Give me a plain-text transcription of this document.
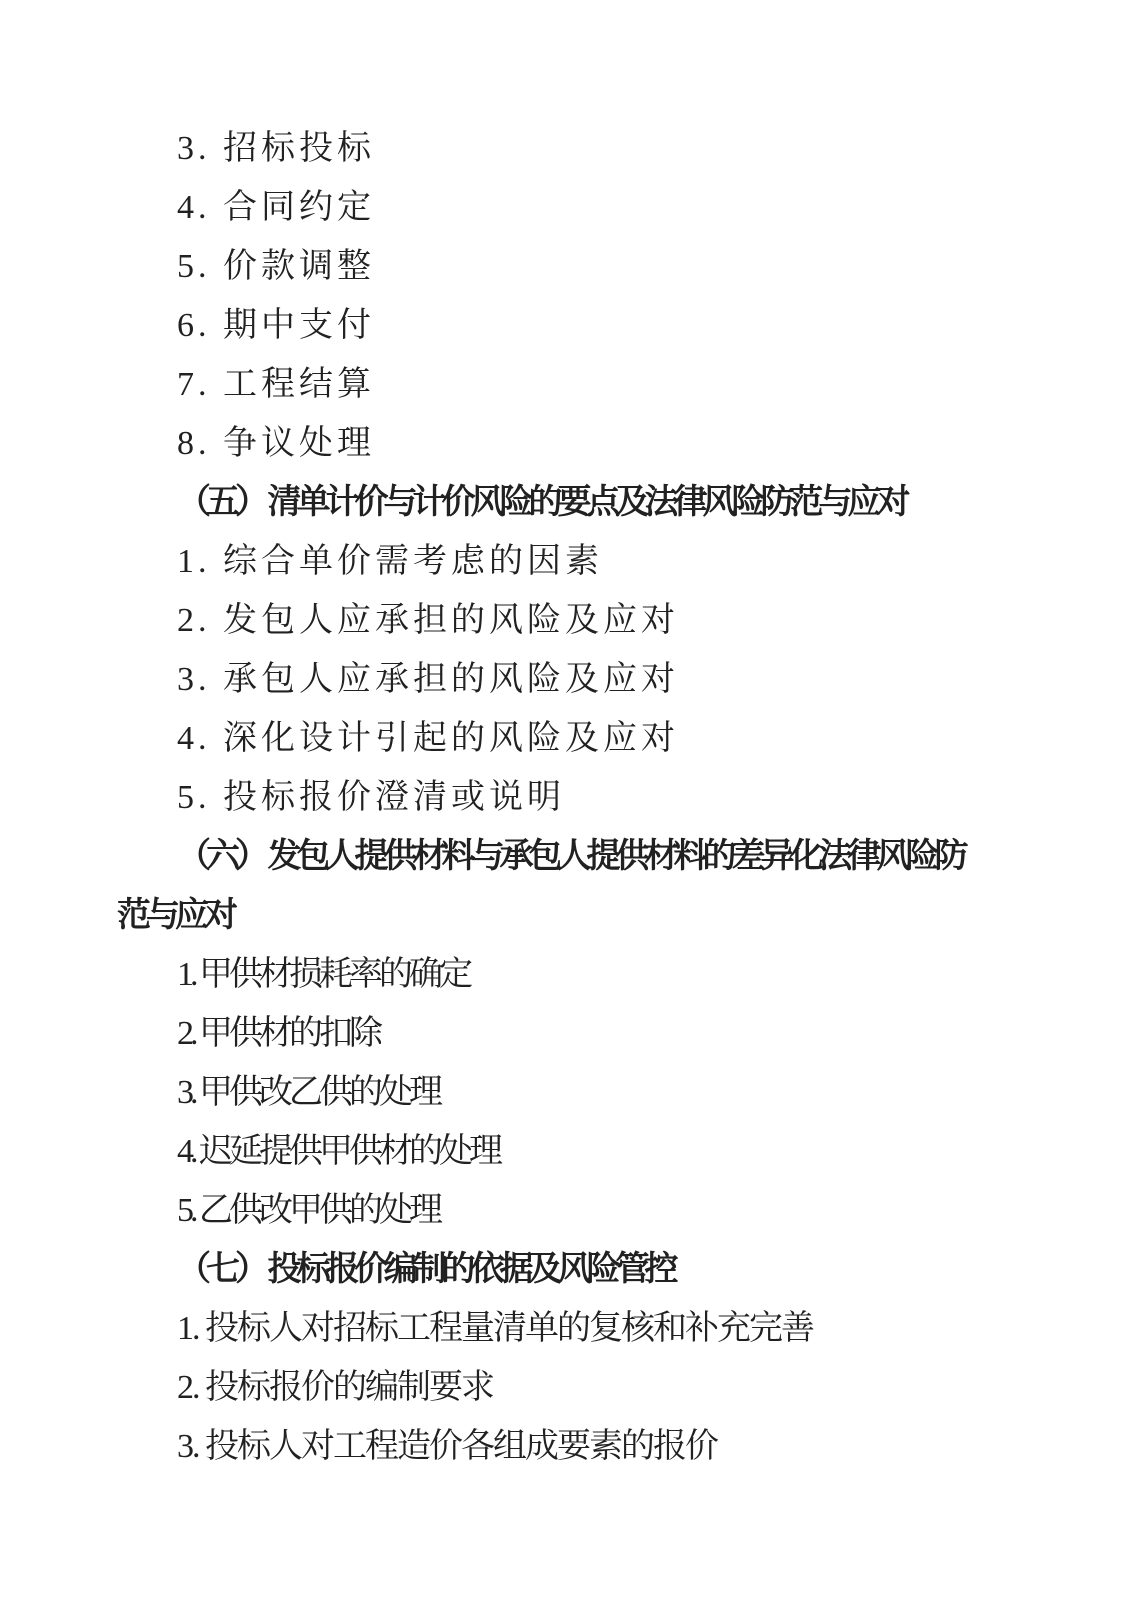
3. 招标投标

4. 合同约定

5. 价款调整

6. 期中支付

7. 工程结算

8. 争议处理

（五） 清单计价与计价风险的要点及法律风险防范与应对

1. 综合单价需考虑的因素

2. 发包人应承担的风险及应对

3. 承包人应承担的风险及应对

4. 深化设计引起的风险及应对

5. 投标报价澄清或说明

（六） 发包人提供材料与承包人提供材料的差异化法律风险防

范与应对

1. 甲供材损耗率的确定

2. 甲供材的扣除

3. 甲供改乙供的处理

4. 迟延提供甲供材的处理

5. 乙供改甲供的处理

（七） 投标报价编制的依据及风险管控

1. 投标人对招标工程量清单的复核和补充完善

2. 投标报价的编制要求

3. 投标人对工程造价各组成要素的报价
